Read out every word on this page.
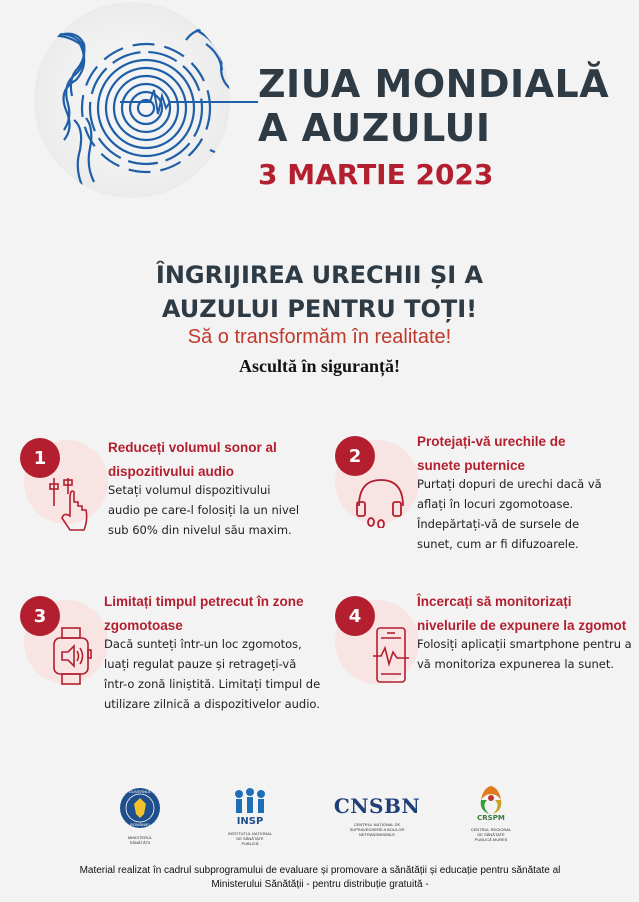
ZIUA MONDIALĂ
A AUZULUI
3 MARTIE 2023
ÎNGRIJIREA URECHII ȘI A
AUZULUI PENTRU TOȚI!
Să o transformăm în realitate!
Ascultă în siguranță!
1	Reduceți volumul sonor al
dispozitivului audio
Setați volumul dispozitivului
audio pe care-l folosiți la un nivel
sub 60% din nivelul său maxim.
2
Protejați-vă urechile de
sunete puternice
Purtați dopuri de urechi dacă vă
aflați în locuri zgomotoase.
Îndepărtați-vă de sursele de
sunet, cum ar fi difuzoarele.
3
Limitați timpul petrecut în zone
zgomotoase
Dacă sunteți într-un loc zgomotos,
luați regulat pauze și retrageți-vă
într-o zonă liniștită. Limitați timpul de
utilizare zilnică a dispozitivelor audio.
4
Încercați să monitorizați
nivelurile de expunere la zgomot
Folosiți aplicații smartphone pentru a
vă monitoriza expunerea la sunet.
GUVERNUL
ROMÂNIEI
MINISTERUL
SĂNĂTĂȚII
INSP
INSTITUTUL NAȚIONAL
DE SĂNĂTATE
PUBLICĂ
CNSBN
CENTRUL NAȚIONAL DE
SUPRAVEGHERE A BOLILOR
NETRANSMISIBILE
CRSPM
CENTRUL REGIONAL
DE SĂNĂTATE
PUBLICĂ MUREȘ
Material realizat în cadrul subprogramului de evaluare și promovare a sănătății și educație pentru sănătate al
Ministerului Sănătății - pentru distribuție gratuită -
